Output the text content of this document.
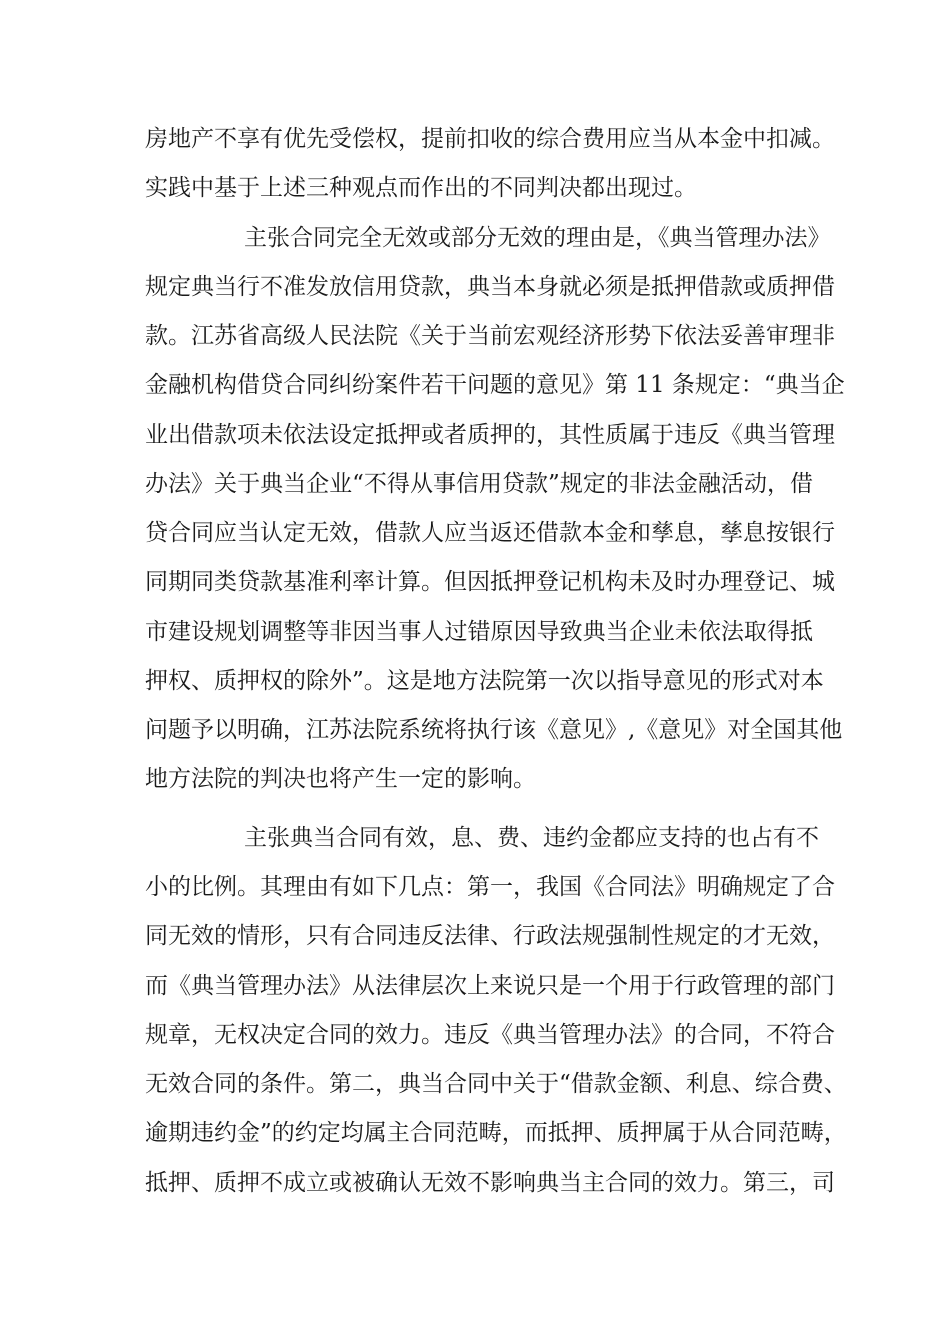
房地产不享有优先受偿权，提前扣收的综合费用应当从本金中扣减。
实践中基于上述三种观点而作出的不同判决都出现过。
主张合同完全无效或部分无效的理由是，《典当管理办法》
规定典当行不准发放信用贷款，典当本身就必须是抵押借款或质押借
款。江苏省高级人民法院《关于当前宏观经济形势下依法妥善审理非
金融机构借贷合同纠纷案件若干问题的意见》第 11 条规定：“典当企
业出借款项未依法设定抵押或者质押的，其性质属于违反《典当管理
办法》关于典当企业“不得从事信用贷款”规定的非法金融活动，借
贷合同应当认定无效，借款人应当返还借款本金和孳息，孳息按银行
同期同类贷款基准利率计算。但因抵押登记机构未及时办理登记、城
市建设规划调整等非因当事人过错原因导致典当企业未依法取得抵
押权、质押权的除外”。这是地方法院第一次以指导意见的形式对本
问题予以明确，江苏法院系统将执行该《意见》,《意见》对全国其他
地方法院的判决也将产生一定的影响。
主张典当合同有效，息、费、违约金都应支持的也占有不
小的比例。其理由有如下几点：第一，我国《合同法》明确规定了合
同无效的情形，只有合同违反法律、行政法规强制性规定的才无效，
而《典当管理办法》从法律层次上来说只是一个用于行政管理的部门
规章，无权决定合同的效力。违反《典当管理办法》的合同，不符合
无效合同的条件。第二，典当合同中关于“借款金额、利息、综合费、
逾期违约金”的约定均属主合同范畴，而抵押、质押属于从合同范畴，
抵押、质押不成立或被确认无效不影响典当主合同的效力。第三，司
